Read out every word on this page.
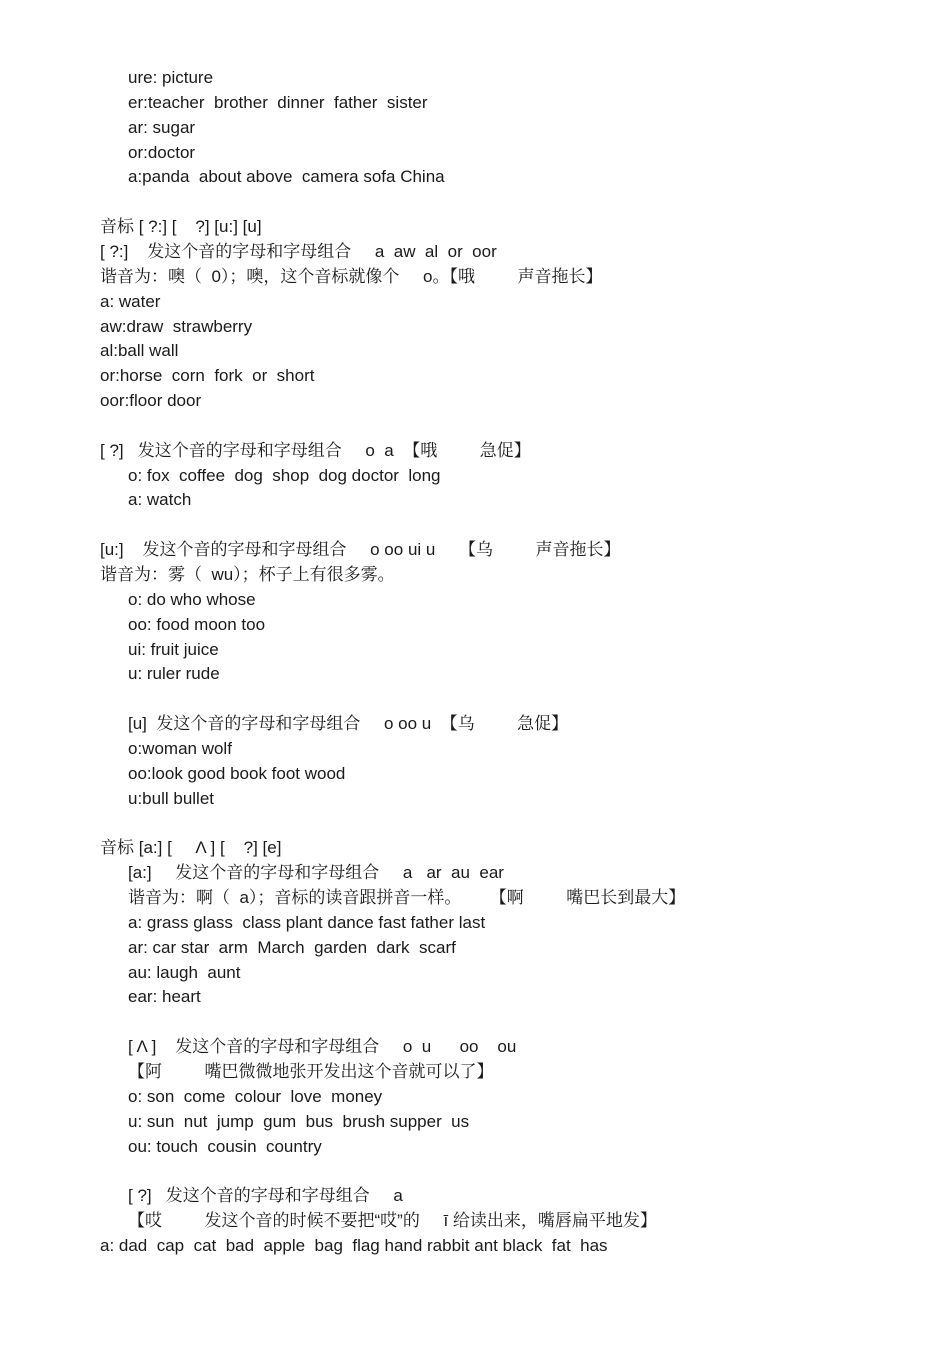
ure: picture
er:teacher  brother  dinner  father  sister
ar: sugar
or:doctor
a:panda  about above  camera sofa China
音标 [ ?:] [    ?] [u:] [u]
[ ?:]    发这个音的字母和字母组合     a  aw  al  or  oor
谐音为：噢（  0）；噢，这个音标就像个     o。【哦         声音拖长】
a: water
aw:draw  strawberry
al:ball wall
or:horse  corn  fork  or  short
oor:floor door
[ ?]   发这个音的字母和字母组合     o  a  【哦         急促】
o: fox  coffee  dog  shop  dog doctor  long
a: watch
[u:]    发这个音的字母和字母组合     o oo ui u     【乌         声音拖长】
谐音为：雾（  wu）；杯子上有很多雾。
o: do who whose
oo: food moon too
ui: fruit juice
u: ruler rude
[u]  发这个音的字母和字母组合     o oo u  【乌         急促】
o:woman wolf
oo:look good book foot wood
u:bull bullet
音标 [a:] [     Λ ] [    ?] [e]
[a:]     发这个音的字母和字母组合     a   ar  au  ear
谐音为：啊（  a）；音标的读音跟拼音一样。      【啊         嘴巴长到最大】
a: grass glass  class plant dance fast father last
ar: car star  arm  March  garden  dark  scarf
au: laugh  aunt
ear: heart
[ Λ ]    发这个音的字母和字母组合     o  u      oo    ou
【阿         嘴巴微微地张开发出这个音就可以了】
o: son  come  colour  love  money
u: sun  nut  jump  gum  bus  brush supper  us
ou: touch  cousin  country
[ ?]   发这个音的字母和字母组合     a
【哎         发这个音的时候不要把“哎”的     ī 给读出来，嘴唇扁平地发】
a: dad  cap  cat  bad  apple  bag  flag hand rabbit ant black  fat  has
